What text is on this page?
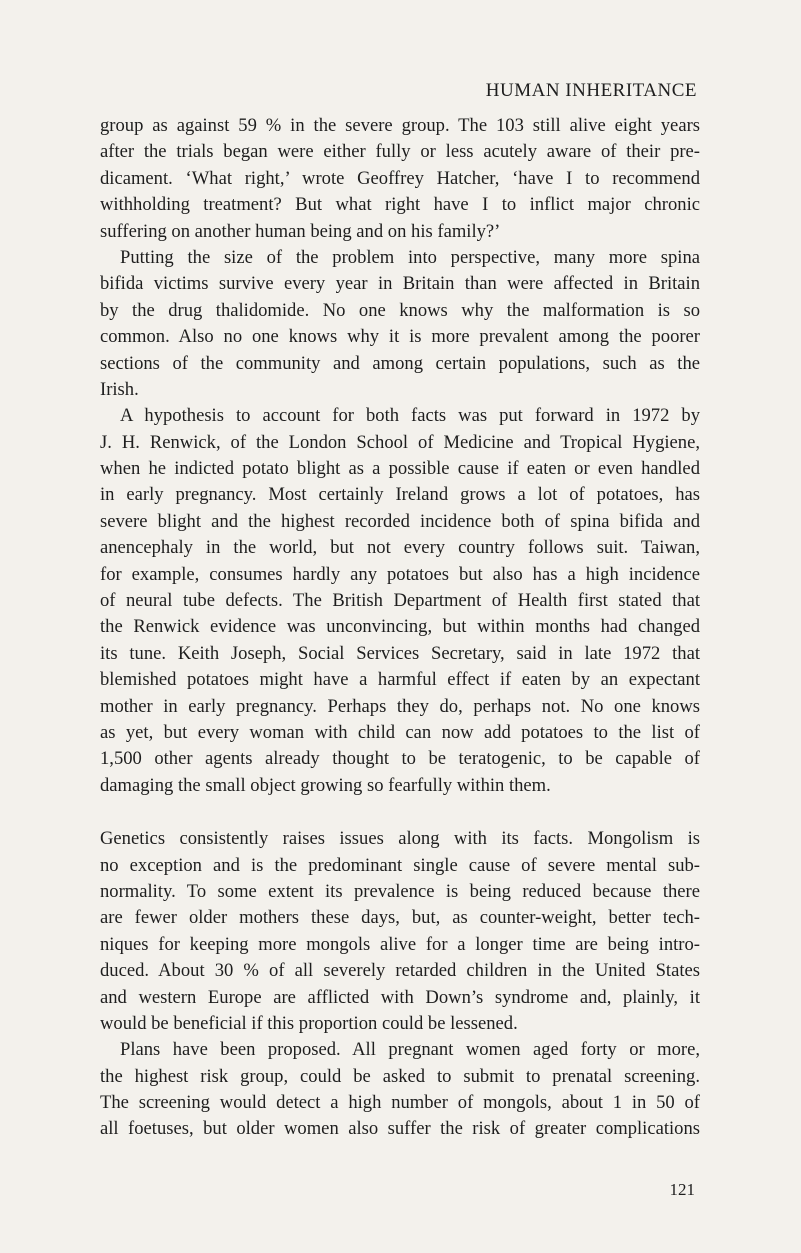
HUMAN INHERITANCE
group as against 59 % in the severe group. The 103 still alive eight years
after the trials began were either fully or less acutely aware of their pre-
dicament. ‘What right,’ wrote Geoffrey Hatcher, ‘have I to recommend
withholding treatment? But what right have I to inflict major chronic
suffering on another human being and on his family?’
Putting the size of the problem into perspective, many more spina
bifida victims survive every year in Britain than were affected in Britain
by the drug thalidomide. No one knows why the malformation is so
common. Also no one knows why it is more prevalent among the poorer
sections of the community and among certain populations, such as the
Irish.
A hypothesis to account for both facts was put forward in 1972 by
J. H. Renwick, of the London School of Medicine and Tropical Hygiene,
when he indicted potato blight as a possible cause if eaten or even handled
in early pregnancy. Most certainly Ireland grows a lot of potatoes, has
severe blight and the highest recorded incidence both of spina bifida and
anencephaly in the world, but not every country follows suit. Taiwan,
for example, consumes hardly any potatoes but also has a high incidence
of neural tube defects. The British Department of Health first stated that
the Renwick evidence was unconvincing, but within months had changed
its tune. Keith Joseph, Social Services Secretary, said in late 1972 that
blemished potatoes might have a harmful effect if eaten by an expectant
mother in early pregnancy. Perhaps they do, perhaps not. No one knows
as yet, but every woman with child can now add potatoes to the list of
1,500 other agents already thought to be teratogenic, to be capable of
damaging the small object growing so fearfully within them.
Genetics consistently raises issues along with its facts. Mongolism is
no exception and is the predominant single cause of severe mental sub-
normality. To some extent its prevalence is being reduced because there
are fewer older mothers these days, but, as counter-weight, better tech-
niques for keeping more mongols alive for a longer time are being intro-
duced. About 30 % of all severely retarded children in the United States
and western Europe are afflicted with Down’s syndrome and, plainly, it
would be beneficial if this proportion could be lessened.
Plans have been proposed. All pregnant women aged forty or more,
the highest risk group, could be asked to submit to prenatal screening.
The screening would detect a high number of mongols, about 1 in 50 of
all foetuses, but older women also suffer the risk of greater complications
121
